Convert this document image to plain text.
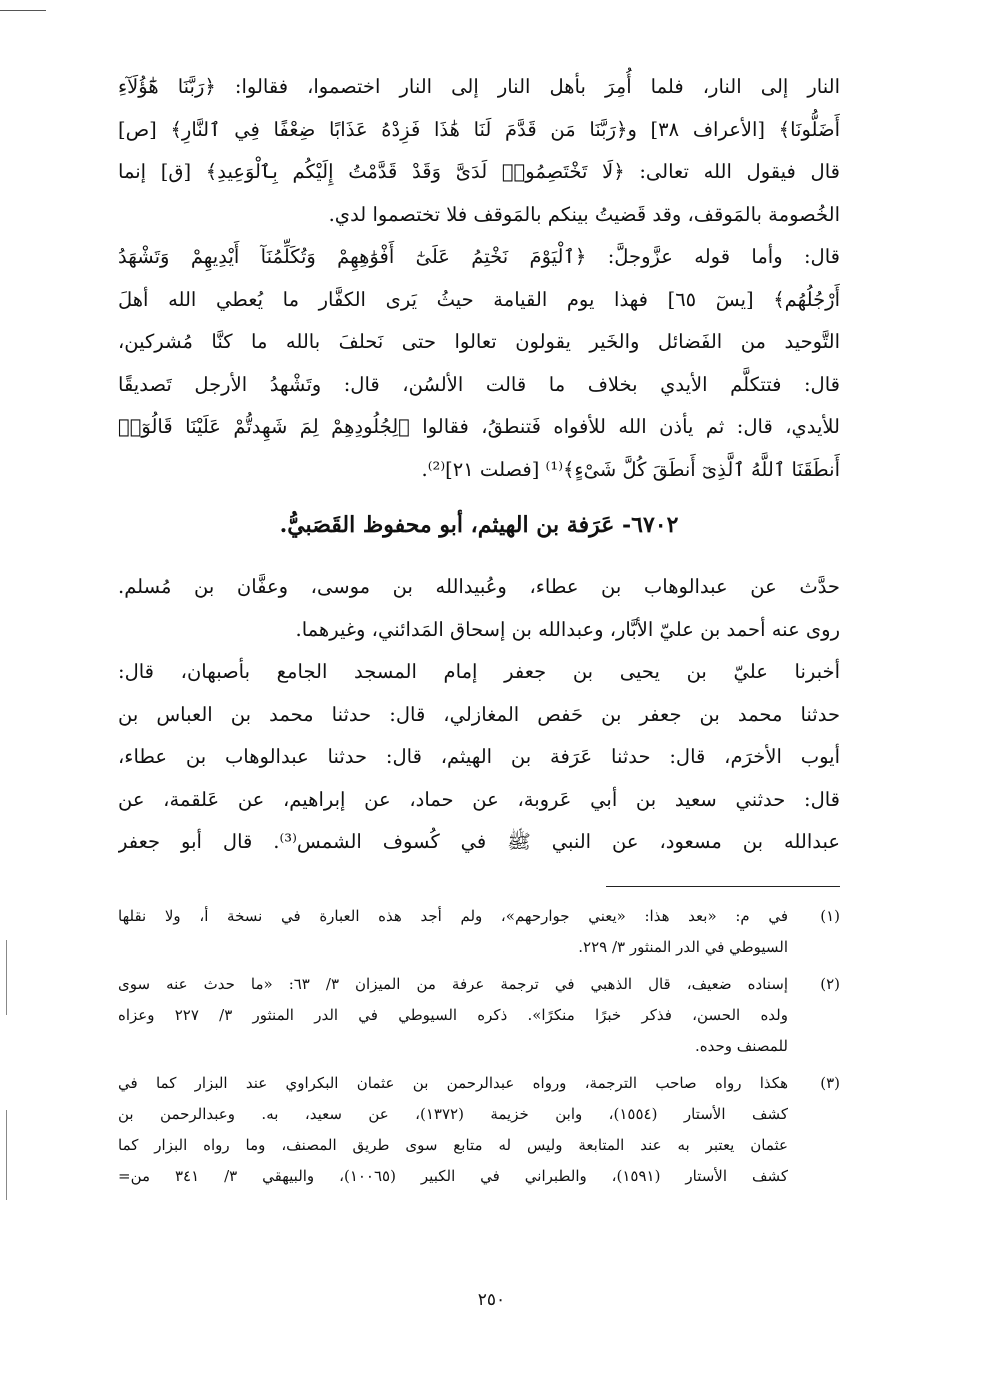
النار إلى النار، فلما أُمِرَ بأهل النار إلى النار اختصموا، فقالوا: ﴿رَبَّنَا هَٰٓؤُلَآءِ
أَضَلُّونَا﴾ [الأعراف ٣٨] و﴿رَبَّنَا مَن قَدَّمَ لَنَا هَٰذَا فَزِدْهُ عَذَابًا ضِعْفًا فِي ٱلنَّارِ﴾ [ص]
قال فيقول الله تعالى: ﴿لَا تَخْتَصِمُوا۟ لَدَىَّ وَقَدْ قَدَّمْتُ إِلَيْكُم بِٱلْوَعِيدِ﴾ [ق] إنما
الخُصومة بالمَوقف، وقد قَضيتُ بينكم بالمَوقف فلا تختصموا لدي.
قال: وأما قوله عزَّوجلَّ: ﴿ٱلْيَوْمَ نَخْتِمُ عَلَىٰٓ أَفْوَٰهِهِمْ وَتُكَلِّمُنَآ أَيْدِيهِمْ وَتَشْهَدُ
أَرْجُلُهُم﴾ [يسٓ ٦٥] فهذا يوم القيامة حيثُ يَرى الكفَّار ما يُعطي الله أهلَ
التَّوحيد من الفَضائل والخَير يقولون تعالوا حتى نَحلفَ بالله ما كنَّا مُشركين،
قال: فتتكلَّم الأيدي بخلاف ما قالت الألسُن، قال: وتَشْهدُ الأرجل تَصديقًا
للأيدي، قال: ثم يأذن الله للأفواه فَتنطقُ، فقالوا ﴿لِجُلُودِهِمْ لِمَ شَهِدتُّمْ عَلَيْنَا قَالُوٓا۟
أَنطَقَنَا ٱللَّهُ ٱلَّذِىٓ أَنطَقَ كُلَّ شَىْءٍ﴾⁽¹⁾ [فصلت ٢١]⁽²⁾.
٦٧٠٢- عَرَفة بن الهيثم، أبو محفوظ القَصَبيُّ.
حدَّث عن عبدالوهاب بن عطاء، وعُبيدالله بن موسى، وعفَّان بن مُسلم.
روى عنه أحمد بن عليّ الأبَّار، وعبدالله بن إسحاق المَدائني، وغيرهما.
أخبرنا عليّ بن يحيى بن جعفر إمام المسجد الجامع بأصبهان، قال:
حدثنا محمد بن جعفر بن حَفص المغازلي، قال: حدثنا محمد بن العباس بن
أيوب الأخرَم، قال: حدثنا عَرَفة بن الهيثم، قال: حدثنا عبدالوهاب بن عطاء،
قال: حدثني سعيد بن أبي عَروبة، عن حماد، عن إبراهيم، عن عَلقمة، عن
عبدالله بن مسعود، عن النبي ﷺ في كُسوف الشمس⁽³⁾. قال أبو جعفر
(١)
في م: «بعد هذا: «يعني جوارحهم»، ولم أجد هذه العبارة في نسخة أ، ولا نقلها
السيوطي في الدر المنثور ٣/ ٢٢٩.
(٢)
إسناده ضعيف، قال الذهبي في ترجمة عرفة من الميزان ٣/ ٦٣: «ما حدث عنه سوى
ولده الحسن، فذكر خبرًا منكرًا». ذكره السيوطي في الدر المنثور ٣/ ٢٢٧ وعزاه
للمصنف وحده.
(٣)
هكذا رواه صاحب الترجمة، ورواه عبدالرحمن بن عثمان البكراوي عند البزار كما في
كشف الأستار (١٥٥٤)، وابن خزيمة (١٣٧٢)، عن سعيد، به. وعبدالرحمن بن
عثمان يعتبر به عند المتابعة وليس له متابع سوى طريق المصنف، وما رواه البزار كما
كشف الأستار (١٥٩١)، والطبراني في الكبير (١٠٠٦٥)، والبيهقي ٣/ ٣٤١ من=
٢٥٠
